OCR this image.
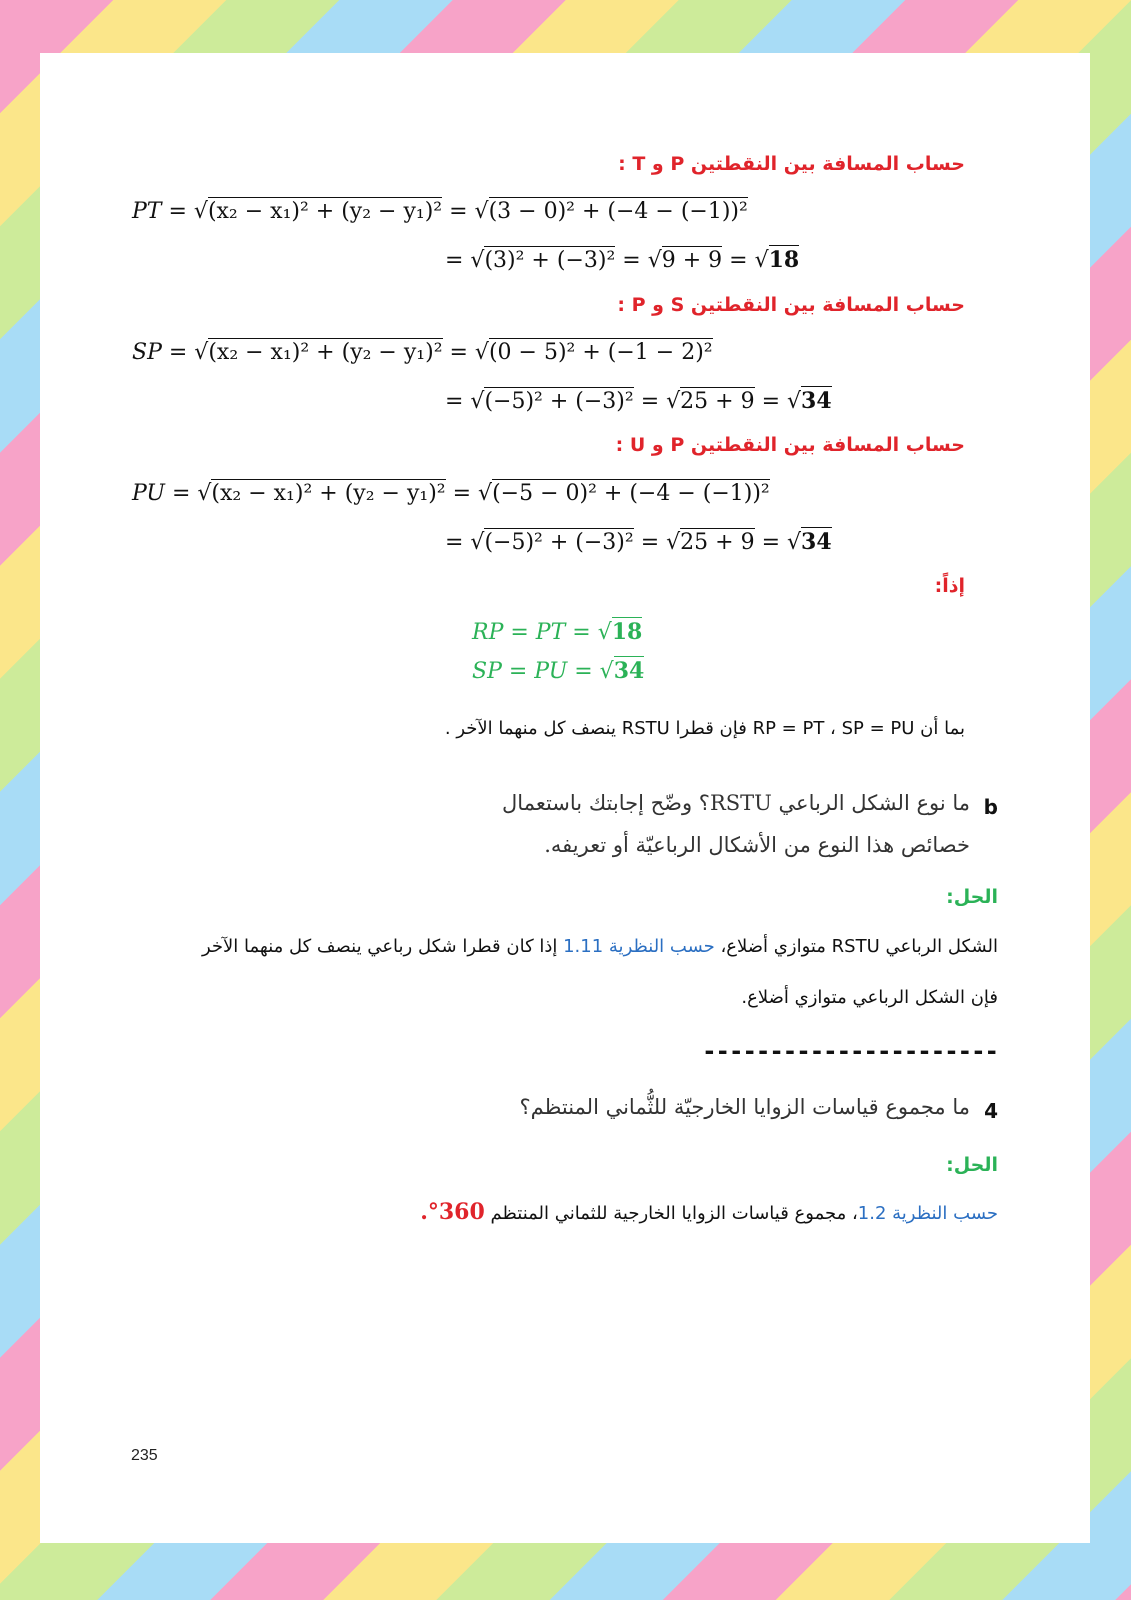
حساب المسافة بين النقطتين P و T :
PT = √(x₂ − x₁)² + (y₂ − y₁)² = √(3 − 0)² + (−4 − (−1))²
= √(3)² + (−3)² = √9 + 9 = √18
حساب المسافة بين النقطتين S و P :
SP = √(x₂ − x₁)² + (y₂ − y₁)² = √(0 − 5)² + (−1 − 2)²
= √(−5)² + (−3)² = √25 + 9 = √34
حساب المسافة بين النقطتين P و U :
PU = √(x₂ − x₁)² + (y₂ − y₁)² = √(−5 − 0)² + (−4 − (−1))²
= √(−5)² + (−3)² = √25 + 9 = √34
إذاً:
RP = PT = √18
SP = PU = √34
بما أن RP = PT ، SP = PU فإن قطرا RSTU ينصف كل منهما الآخر .
b
ما نوع الشكل الرباعي RSTU؟ وضّح إجابتك باستعمال
خصائص هذا النوع من الأشكال الرباعيّة أو تعريفه.
الحل:
الشكل الرباعي RSTU متوازي أضلاع، حسب النظرية 1.11 إذا كان قطرا شكل رباعي ينصف كل منهما الآخر
فإن الشكل الرباعي متوازي أضلاع.
----------------------
4
ما مجموع قياسات الزوايا الخارجيّة للثُّماني المنتظم؟
الحل:
حسب النظرية 1.2، مجموع قياسات الزوايا الخارجية للثماني المنتظم 360°.
235
